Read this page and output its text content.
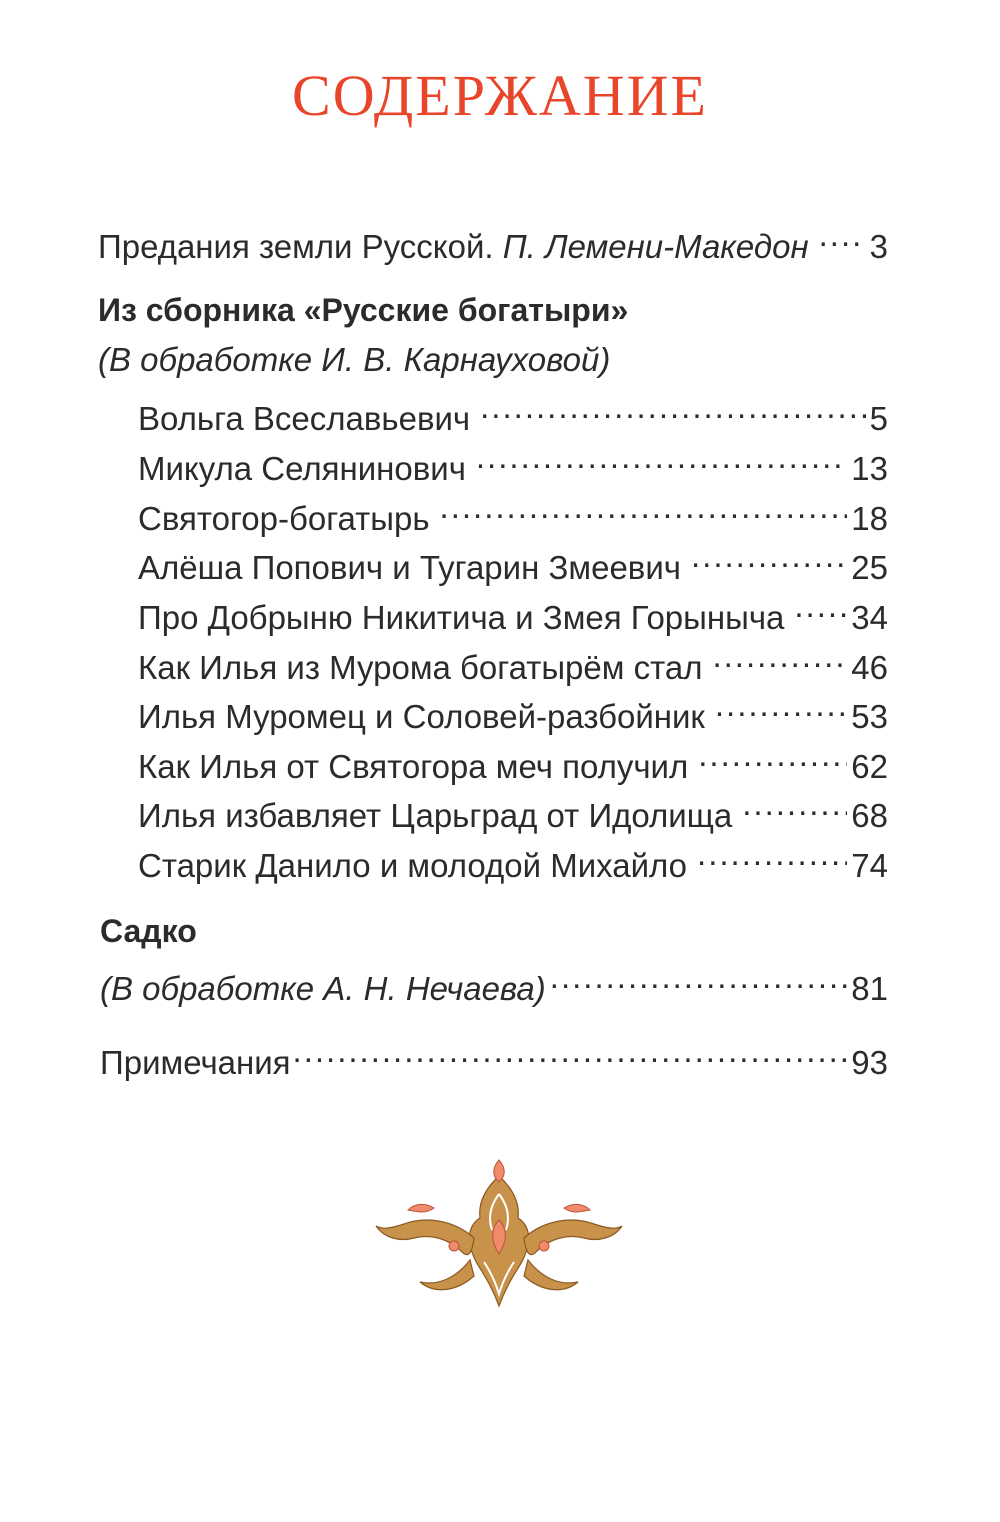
СОДЕРЖАНИЕ
Предания земли Русской. П. Лемени-Македон ..... 3
Из сборника «Русские богатыри»
(В обработке И. В. Карнауховой)
Вольга Всеславьевич .....	5
Микула Селянинович .....	13
Святогор-богатырь .....	18
Алёша Попович и Тугарин Змеевич .....	25
Про Добрыню Никитича и Змея Горыныча ..... 34
Как Илья из Мурома богатырём стал .....	46
Илья Муромец и Соловей-разбойник .....	53
Как Илья от Святогора меч получил .....	62
Илья избавляет Царьград от Идолища .....	68
Старик Данило и молодой Михайло .....	74
Садко
(В обработке А. Н. Нечаева) .....	81
Примечания .....	93
